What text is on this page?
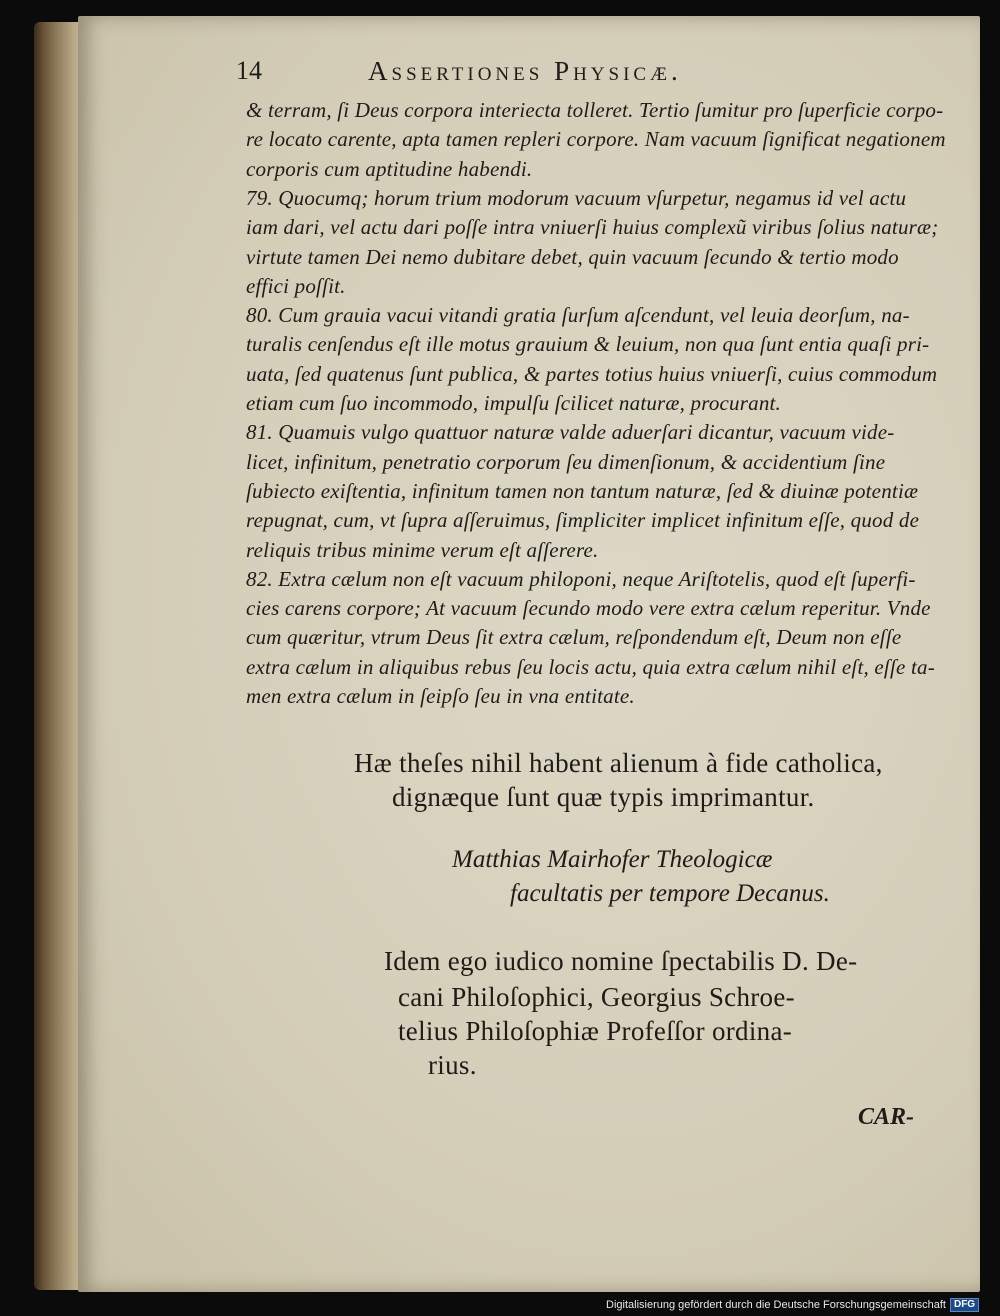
14	Assertiones Physicæ.
& terram, ſi Deus corpora interiecta tolleret. Tertio ſumitur pro ſuperficie corpo-
re locato carente, apta tamen repleri corpore. Nam vacuum ſignificat negationem
corporis cum aptitudine habendi.
79. Quocumq; horum trium modorum vacuum vſurpetur, negamus id vel actu
iam dari, vel actu dari poſſe intra vniuerſi huius complexũ viribus ſolius naturæ;
virtute tamen Dei nemo dubitare debet, quin vacuum ſecundo & tertio modo
effici poſſit.
80. Cum grauia vacui vitandi gratia ſurſum aſcendunt, vel leuia deorſum, na-
turalis cenſendus eſt ille motus grauium & leuium, non qua ſunt entia quaſi pri-
uata, ſed quatenus ſunt publica, & partes totius huius vniuerſi, cuius commodum
etiam cum ſuo incommodo, impulſu ſcilicet naturæ, procurant.
81. Quamuis vulgo quattuor naturæ valde aduerſari dicantur, vacuum vide-
licet, infinitum, penetratio corporum ſeu dimenſionum, & accidentium ſine
ſubiecto exiſtentia, infinitum tamen non tantum naturæ, ſed & diuinæ potentiæ
repugnat, cum, vt ſupra aſſeruimus, ſimpliciter implicet infinitum eſſe, quod de
reliquis tribus minime verum eſt aſſerere.
82. Extra cælum non eſt vacuum philoponi, neque Ariſtotelis, quod eſt ſuperfi-
cies carens corpore; At vacuum ſecundo modo vere extra cælum reperitur. Vnde
cum quæritur, vtrum Deus ſit extra cælum, reſpondendum eſt, Deum non eſſe
extra cælum in aliquibus rebus ſeu locis actu, quia extra cælum nihil eſt, eſſe ta-
men extra cælum in ſeipſo ſeu in vna entitate.
Hæ theſes nihil habent alienum à fide catholica,
dignæque ſunt quæ typis imprimantur.
Matthias Mairhofer Theologicæ
facultatis per tempore Decanus.
Idem ego iudico nomine ſpectabilis D. De-
cani Philoſophici, Georgius Schroe-
telius Philoſophiæ Profeſſor ordina-
rius.
CAR-
Digitalisierung gefördert durch die Deutsche Forschungsgemeinschaft DFG
